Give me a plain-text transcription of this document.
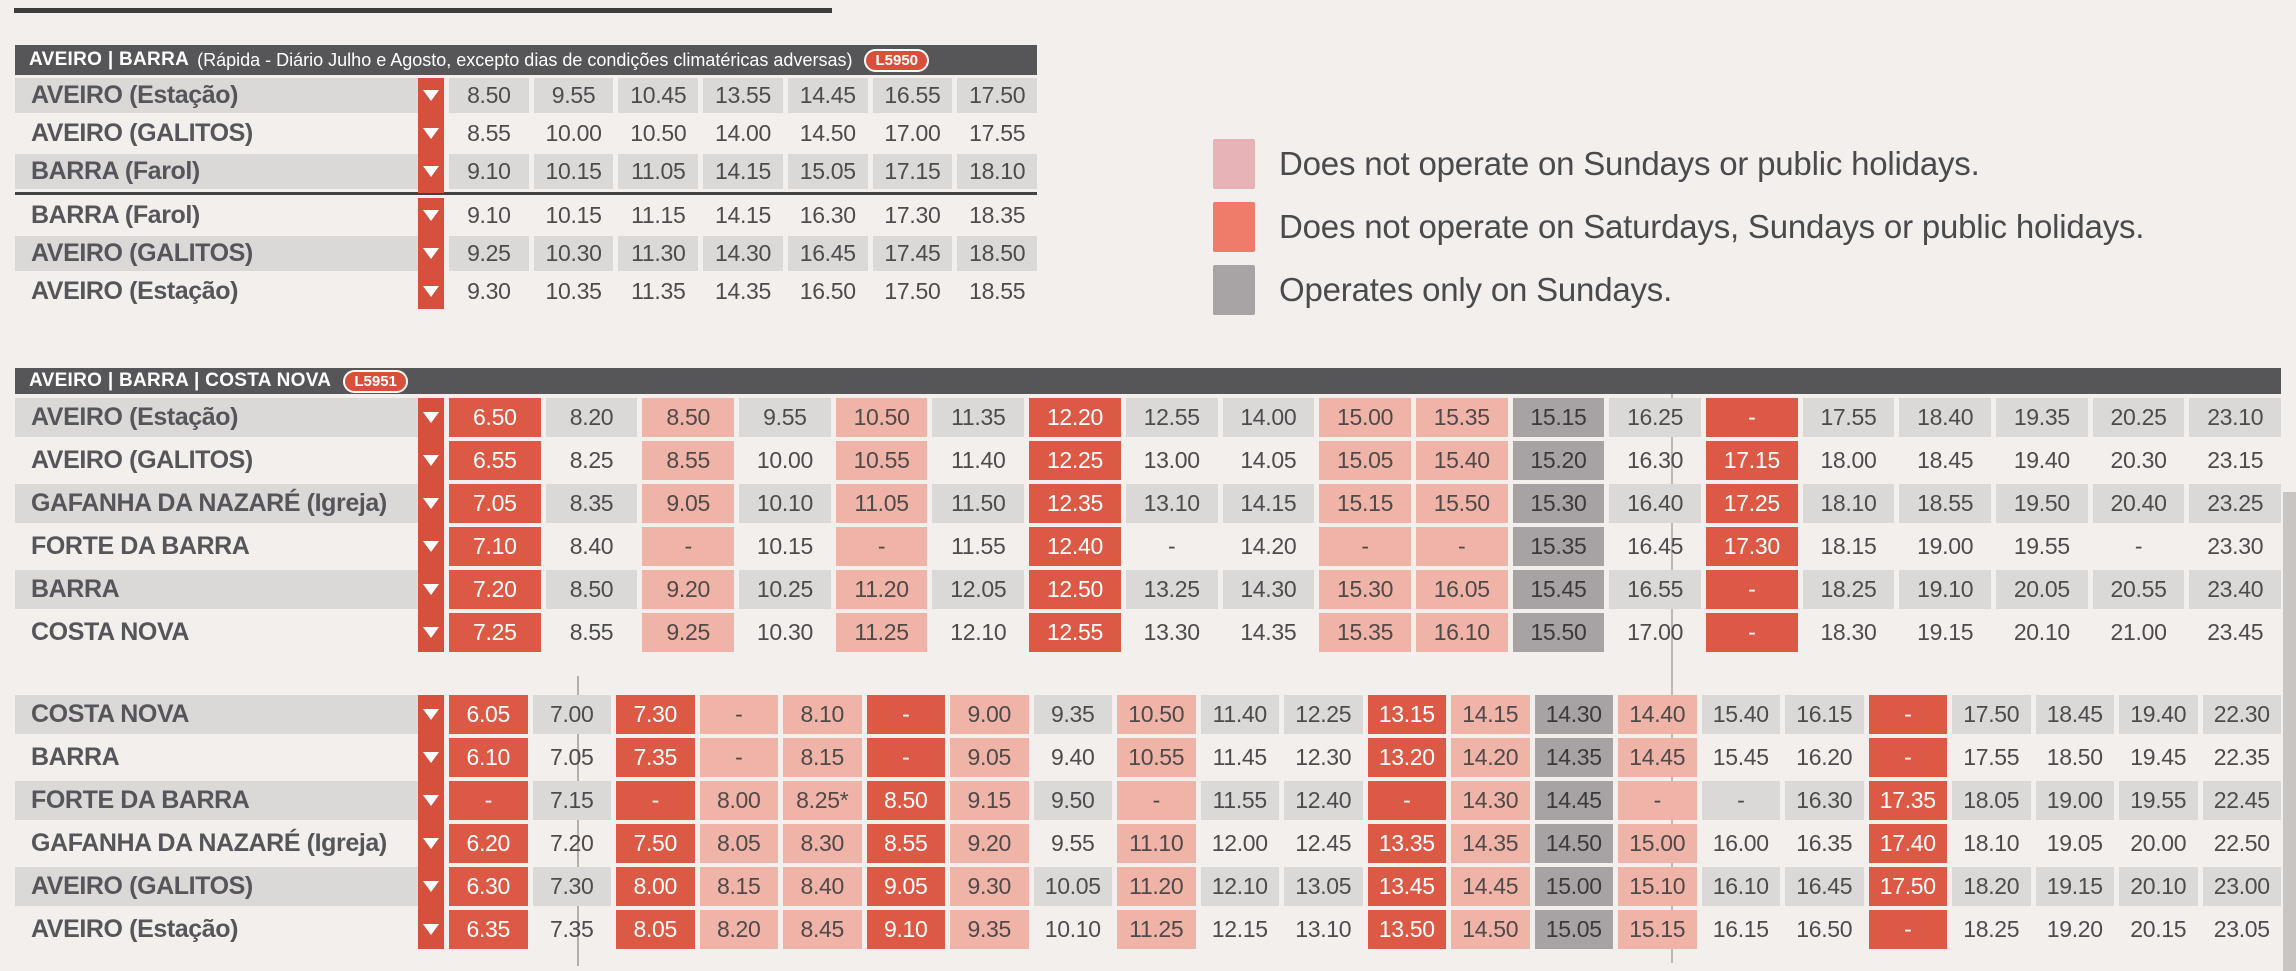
AVEIRO | BARRA (Rápida - Diário Julho e Agosto, excepto dias de condições climatéricas adversas)	L5950
AVEIRO (Estação)	8.50	9.55	10.45	13.55	14.45	16.55	17.50
AVEIRO (GALITOS)	8.55	10.00	10.50	14.00	14.50	17.00	17.55
BARRA (Farol)	9.10	10.15	11.05	14.15	15.05	17.15	18.10
BARRA (Farol)	9.10	10.15	11.15	14.15	16.30	17.30	18.35
AVEIRO (GALITOS)	9.25	10.30	11.30	14.30	16.45	17.45	18.50
AVEIRO (Estação)	9.30	10.35	11.35	14.35	16.50	17.50	18.55
Does not operate on Sundays or public holidays.
Does not operate on Saturdays, Sundays or public holidays.
Operates only on Sundays.
AVEIRO | BARRA | COSTA NOVA	L5951
AVEIRO (Estação)	6.50	8.20	8.50	9.55	10.50	11.35	12.20	12.55	14.00	15.00	15.35	15.15	16.25	-	17.55	18.40	19.35	20.25	23.10
AVEIRO (GALITOS)	6.55	8.25	8.55	10.00	10.55	11.40	12.25	13.00	14.05	15.05	15.40	15.20	16.30	17.15	18.00	18.45	19.40	20.30	23.15
GAFANHA DA NAZARÉ (Igreja)	7.05	8.35	9.05	10.10	11.05	11.50	12.35	13.10	14.15	15.15	15.50	15.30	16.40	17.25	18.10	18.55	19.50	20.40	23.25
FORTE DA BARRA	7.10	8.40	-	10.15	-	11.55	12.40	-	14.20	-	-	15.35	16.45	17.30	18.15	19.00	19.55	-	23.30
BARRA	7.20	8.50	9.20	10.25	11.20	12.05	12.50	13.25	14.30	15.30	16.05	15.45	16.55	-	18.25	19.10	20.05	20.55	23.40
COSTA NOVA	7.25	8.55	9.25	10.30	11.25	12.10	12.55	13.30	14.35	15.35	16.10	15.50	17.00	-	18.30	19.15	20.10	21.00	23.45
COSTA NOVA	6.05	7.00	7.30	-	8.10	-	9.00	9.35	10.50	11.40	12.25	13.15	14.15	14.30	14.40	15.40	16.15	-	17.50	18.45	19.40	22.30
BARRA	6.10	7.05	7.35	-	8.15	-	9.05	9.40	10.55	11.45	12.30	13.20	14.20	14.35	14.45	15.45	16.20	-	17.55	18.50	19.45	22.35
FORTE DA BARRA	-	7.15	-	8.00	8.25*	8.50	9.15	9.50	-	11.55	12.40	-	14.30	14.45	-	-	16.30	17.35	18.05	19.00	19.55	22.45
GAFANHA DA NAZARÉ (Igreja)	6.20	7.20	7.50	8.05	8.30	8.55	9.20	9.55	11.10	12.00	12.45	13.35	14.35	14.50	15.00	16.00	16.35	17.40	18.10	19.05	20.00	22.50
AVEIRO (GALITOS)	6.30	7.30	8.00	8.15	8.40	9.05	9.30	10.05	11.20	12.10	13.05	13.45	14.45	15.00	15.10	16.10	16.45	17.50	18.20	19.15	20.10	23.00
AVEIRO (Estação)	6.35	7.35	8.05	8.20	8.45	9.10	9.35	10.10	11.25	12.15	13.10	13.50	14.50	15.05	15.15	16.15	16.50	-	18.25	19.20	20.15	23.05
